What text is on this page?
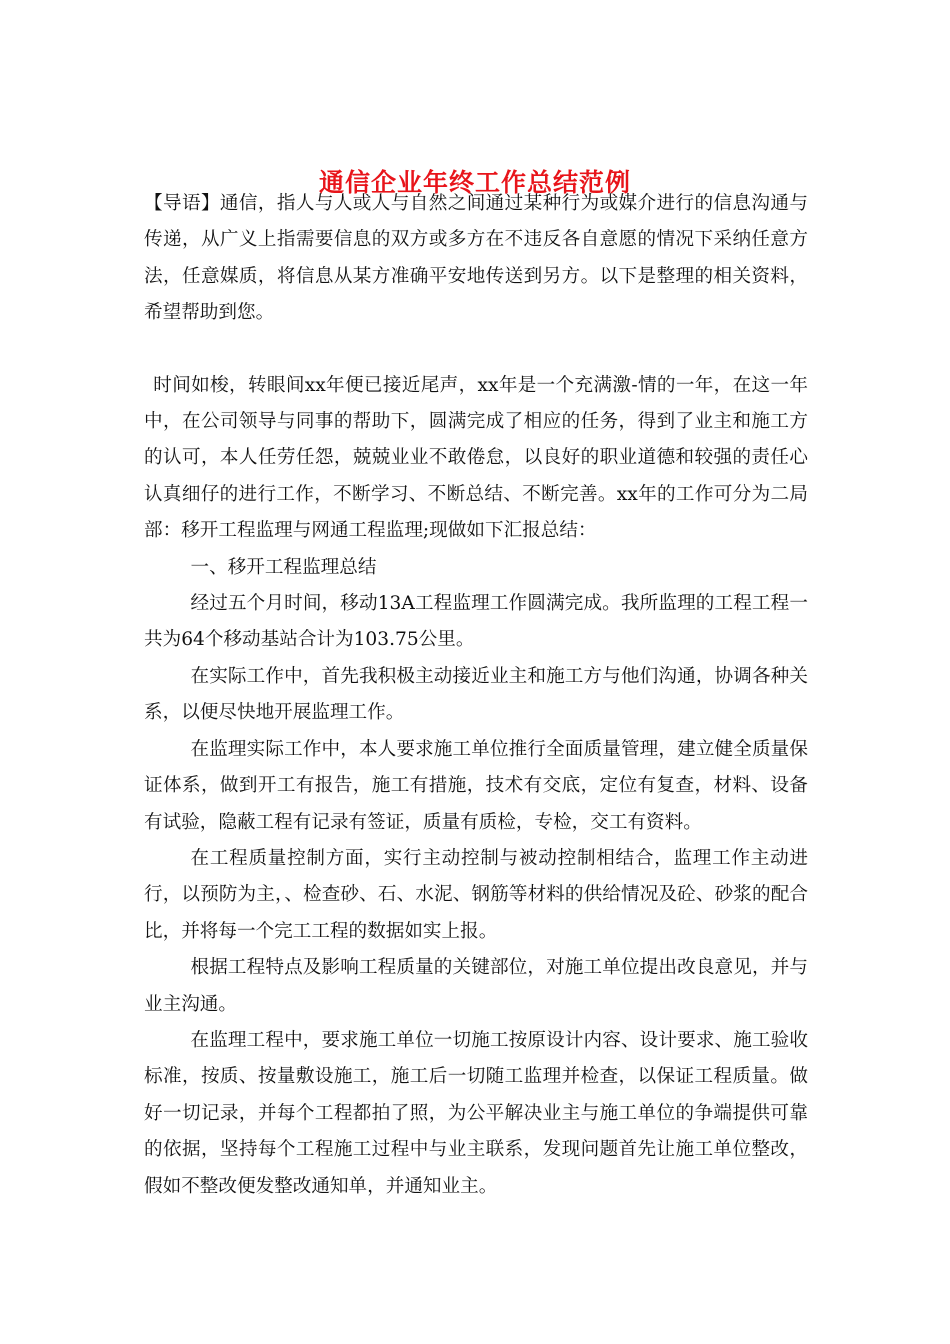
通信企业年终工作总结范例

【导语】通信，指人与人或人与自然之间通过某种行为或媒介进行的信息沟通与传递，从广义上指需要信息的双方或多方在不违反各自意愿的情况下采纳任意方法，任意媒质，将信息从某方准确平安地传送到另方。以下是整理的相关资料，希望帮助到您。

时间如梭，转眼间xx年便已接近尾声，xx年是一个充满激-情的一年，在这一年中，在公司领导与同事的帮助下，圆满完成了相应的任务，得到了业主和施工方的认可，本人任劳任怨，兢兢业业不敢倦怠，以良好的职业道德和较强的责任心认真细仔的进行工作，不断学习、不断总结、不断完善。xx年的工作可分为二局部：移开工程监理与网通工程监理;现做如下汇报总结：

一、移开工程监理总结

经过五个月时间，移动13A工程监理工作圆满完成。我所监理的工程工程一共为64个移动基站合计为103.75公里。

在实际工作中，首先我积极主动接近业主和施工方与他们沟通，协调各种关系，以便尽快地开展监理工作。

在监理实际工作中，本人要求施工单位推行全面质量管理，建立健全质量保证体系，做到开工有报告，施工有措施，技术有交底，定位有复查，材料、设备有试验，隐蔽工程有记录有签证，质量有质检，专检，交工有资料。

在工程质量控制方面，实行主动控制与被动控制相结合，监理工作主动进行，以预防为主，、检查砂、石、水泥、钢筋等材料的供给情况及砼、砂浆的配合比，并将每一个完工工程的数据如实上报。

根据工程特点及影响工程质量的关键部位，对施工单位提出改良意见，并与业主沟通。

在监理工程中，要求施工单位一切施工按原设计内容、设计要求、施工验收标准，按质、按量敷设施工，施工后一切随工监理并检查，以保证工程质量。做好一切记录，并每个工程都拍了照，为公平解决业主与施工单位的争端提供可靠的依据，坚持每个工程施工过程中与业主联系，发现问题首先让施工单位整改，假如不整改便发整改通知单，并通知业主。
